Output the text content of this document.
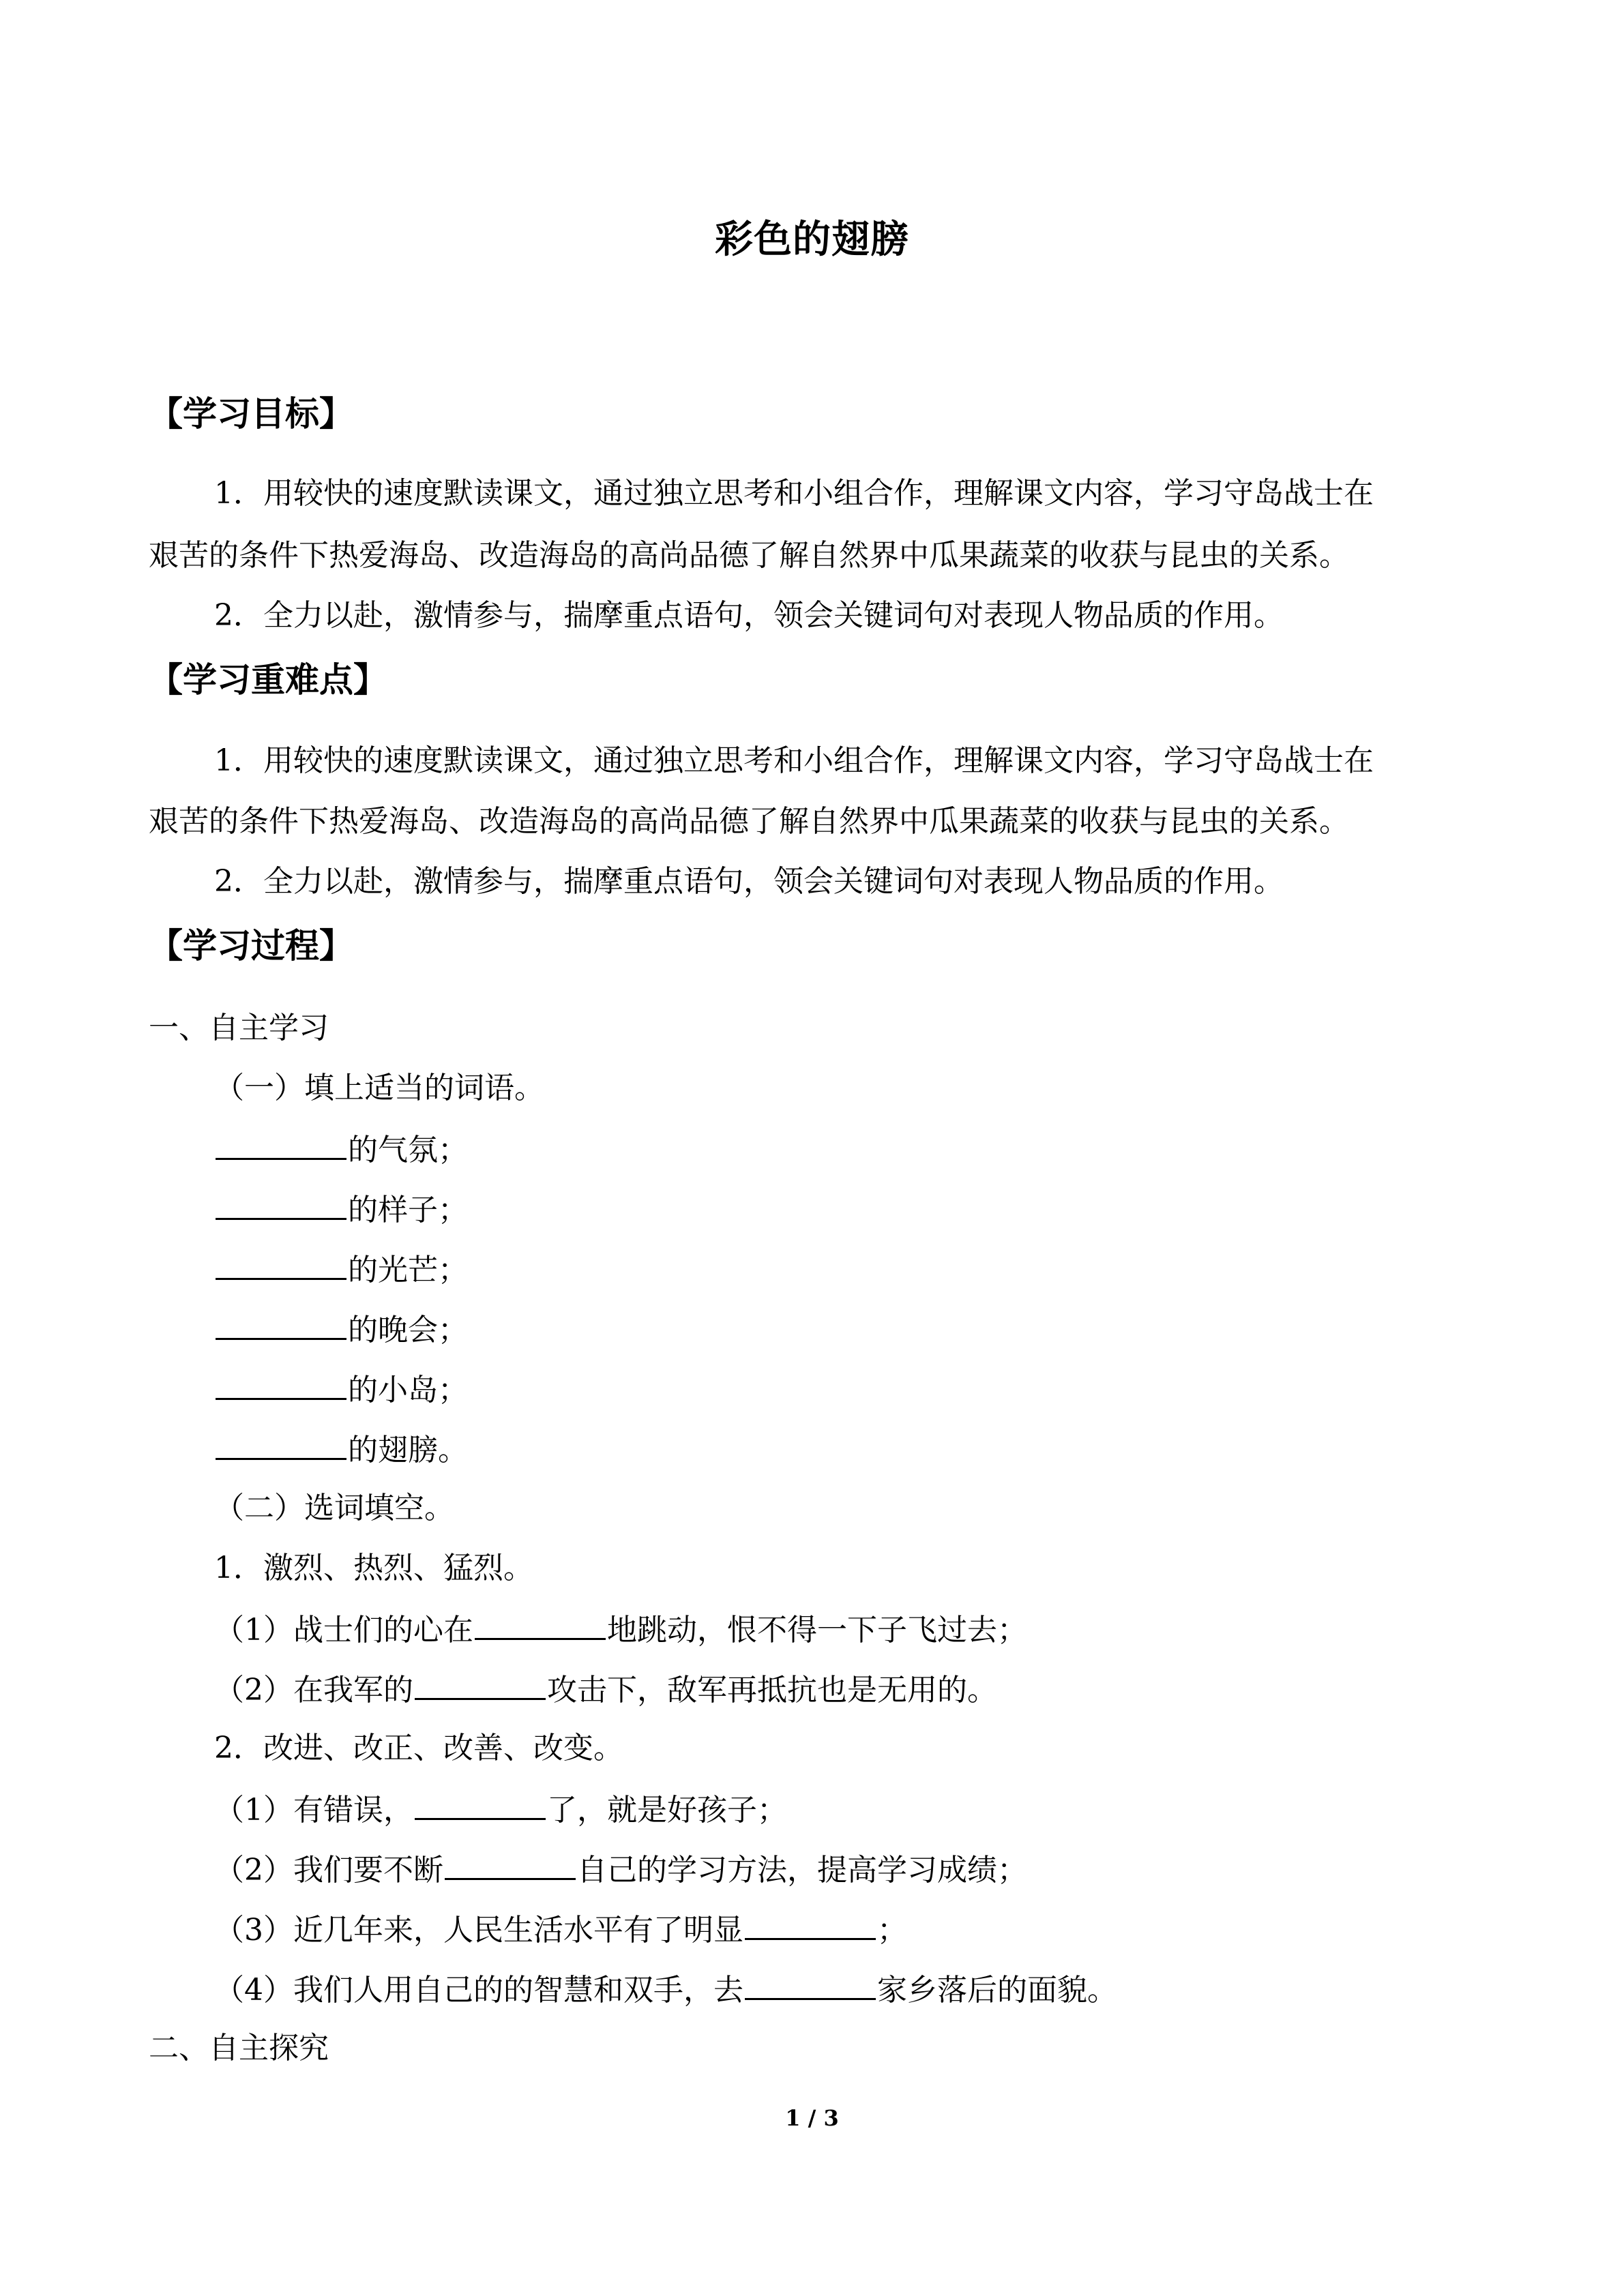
彩色的翅膀
【学习目标】
1．用较快的速度默读课文，通过独立思考和小组合作，理解课文内容，学习守岛战士在
艰苦的条件下热爱海岛、改造海岛的高尚品德了解自然界中瓜果蔬菜的收获与昆虫的关系。
2．全力以赴，激情参与，揣摩重点语句，领会关键词句对表现人物品质的作用。
【学习重难点】
1．用较快的速度默读课文，通过独立思考和小组合作，理解课文内容，学习守岛战士在
艰苦的条件下热爱海岛、改造海岛的高尚品德了解自然界中瓜果蔬菜的收获与昆虫的关系。
2．全力以赴，激情参与，揣摩重点语句，领会关键词句对表现人物品质的作用。
【学习过程】
一、自主学习
（一）填上适当的词语。
的气氛；
的样子；
的光芒；
的晚会；
的小岛；
的翅膀。
（二）选词填空。
1．激烈、热烈、猛烈。
（1）战士们的心在	地跳动，恨不得一下子飞过去；
（2）在我军的	攻击下，敌军再抵抗也是无用的。
2．改进、改正、改善、改变。
（1）有错误，	了，就是好孩子；
（2）我们要不断	自己的学习方法，提高学习成绩；
（3）近几年来，人民生活水平有了明显	；
（4）我们人用自己的的智慧和双手，去	家乡落后的面貌。
二、自主探究
1 / 3
